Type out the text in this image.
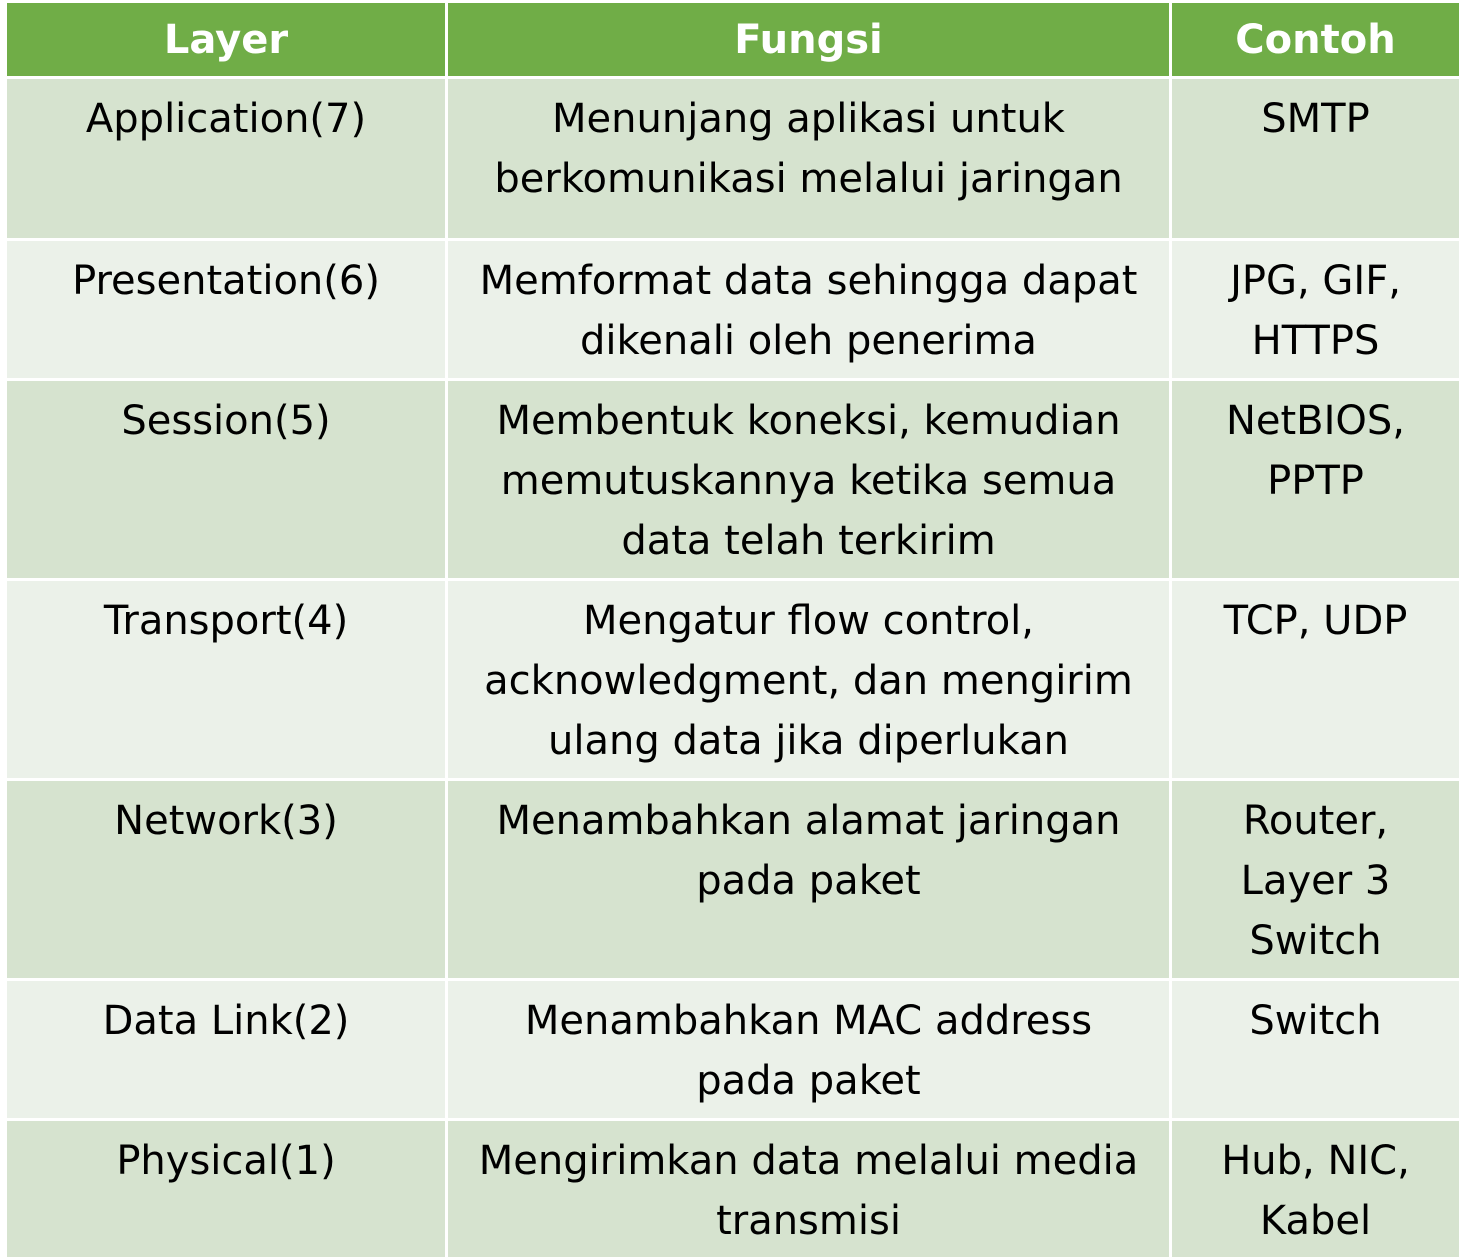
Layer	Fungsi	Contoh

Application(7)	Menunjang aplikasi untuk
berkomunikasi melalui jaringan	SMTP

Presentation(6)	Memformat data sehingga dapat
dikenali oleh penerima	JPG, GIF,
HTTPS

Session(5)	Membentuk koneksi, kemudian
memutuskannya ketika semua
data telah terkirim	NetBIOS,
PPTP

Transport(4)	Mengatur flow control,
acknowledgment, dan mengirim
ulang data jika diperlukan	TCP, UDP

Network(3)	Menambahkan alamat jaringan
pada paket	Router,
Layer 3
Switch

Data Link(2)	Menambahkan MAC address
pada paket	Switch

Physical(1)	Mengirimkan data melalui media
transmisi	Hub, NIC,
Kabel
